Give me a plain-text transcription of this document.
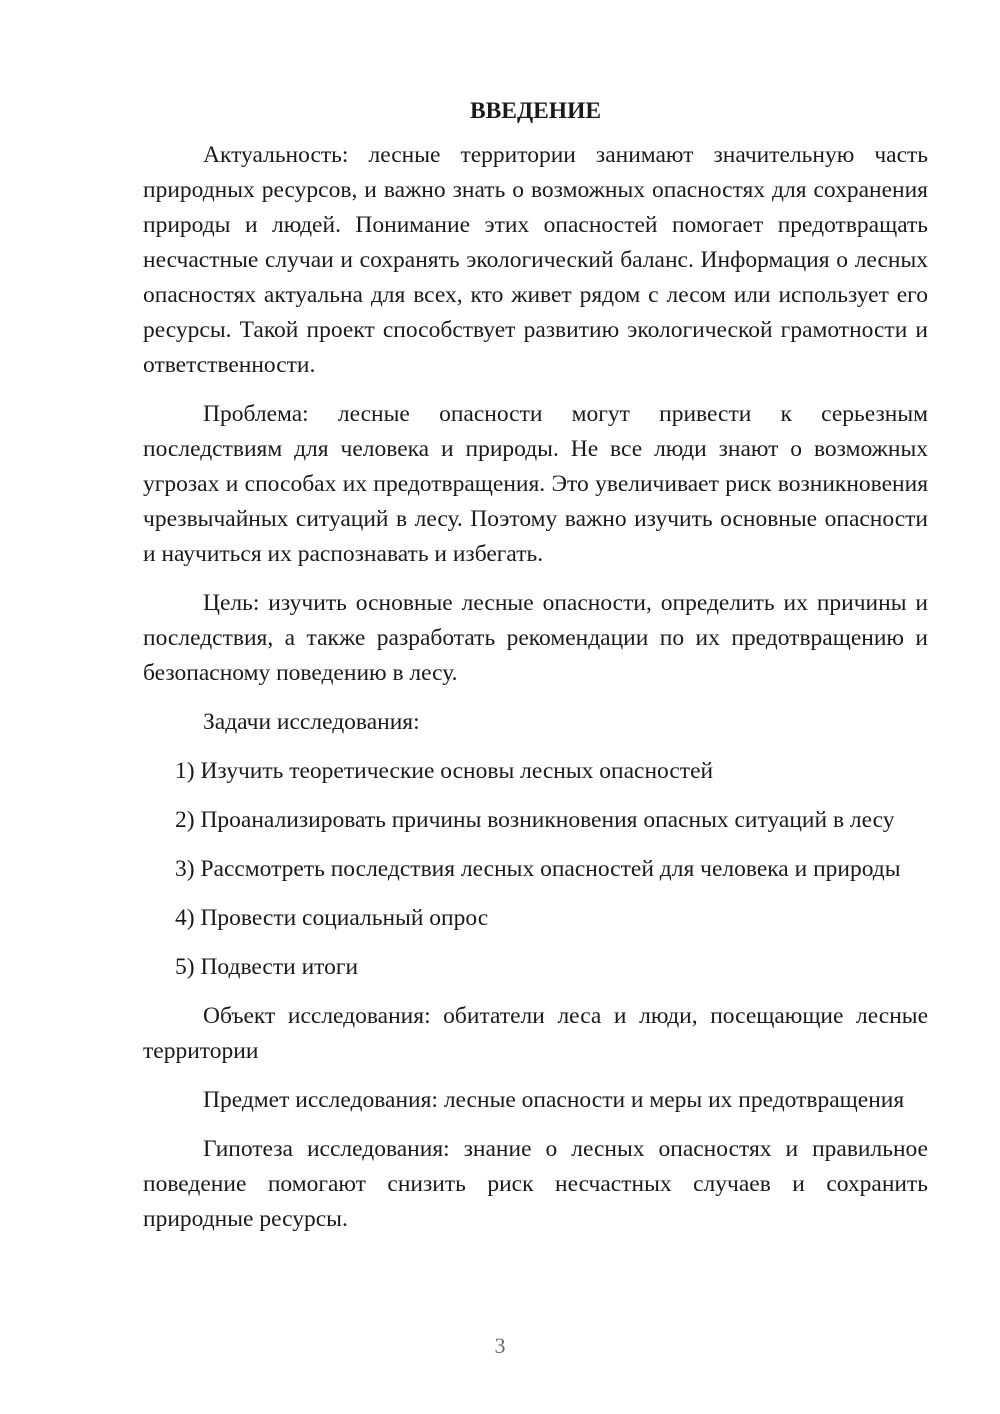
ВВЕДЕНИЕ

Актуальность: лесные территории занимают значительную часть природных ресурсов, и важно знать о возможных опасностях для сохранения природы и людей. Понимание этих опасностей помогает предотвращать несчастные случаи и сохранять экологический баланс. Информация о лесных опасностях актуальна для всех, кто живет рядом с лесом или использует его ресурсы. Такой проект способствует развитию экологической грамотности и ответственности.

Проблема: лесные опасности могут привести к серьезным последствиям для человека и природы. Не все люди знают о возможных угрозах и способах их предотвращения. Это увеличивает риск возникновения чрезвычайных ситуаций в лесу. Поэтому важно изучить основные опасности и научиться их распознавать и избегать.

Цель: изучить основные лесные опасности, определить их причины и последствия, а также разработать рекомендации по их предотвращению и безопасному поведению в лесу.

Задачи исследования:

1) Изучить теоретические основы лесных опасностей

2) Проанализировать причины возникновения опасных ситуаций в лесу

3) Рассмотреть последствия лесных опасностей для человека и природы

4) Провести социальный опрос

5) Подвести итоги

Объект исследования: обитатели леса и люди, посещающие лесные территории

Предмет исследования: лесные опасности и меры их предотвращения

Гипотеза исследования: знание о лесных опасностях и правильное поведение помогают снизить риск несчастных случаев и сохранить природные ресурсы.

3
